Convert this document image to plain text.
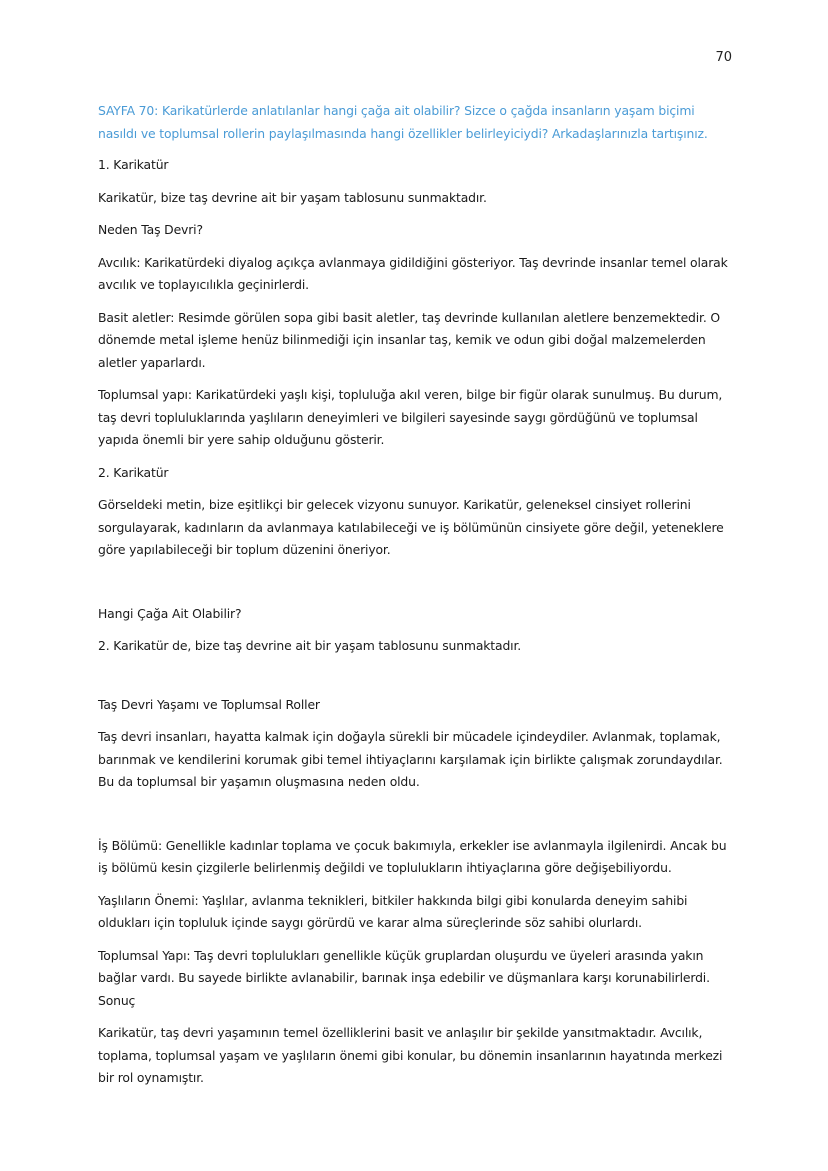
70

SAYFA 70: Karikatürlerde anlatılanlar hangi çağa ait olabilir? Sizce o çağda insanların yaşam biçimi nasıldı ve toplumsal rollerin paylaşılmasında hangi özellikler belirleyiciydi? Arkadaşlarınızla tartışınız.

1. Karikatür

Karikatür, bize taş devrine ait bir yaşam tablosunu sunmaktadır.

Neden Taş Devri?

Avcılık: Karikatürdeki diyalog açıkça avlanmaya gidildiğini gösteriyor. Taş devrinde insanlar temel olarak avcılık ve toplayıcılıkla geçinirlerdi.

Basit aletler: Resimde görülen sopa gibi basit aletler, taş devrinde kullanılan aletlere benzemektedir. O dönemde metal işleme henüz bilinmediği için insanlar taş, kemik ve odun gibi doğal malzemelerden aletler yaparlardı.

Toplumsal yapı: Karikatürdeki yaşlı kişi, topluluğa akıl veren, bilge bir figür olarak sunulmuş. Bu durum, taş devri topluluklarında yaşlıların deneyimleri ve bilgileri sayesinde saygı gördüğünü ve toplumsal yapıda önemli bir yere sahip olduğunu gösterir.

2. Karikatür

Görseldeki metin, bize eşitlikçi bir gelecek vizyonu sunuyor. Karikatür, geleneksel cinsiyet rollerini sorgulayarak, kadınların da avlanmaya katılabileceği ve iş bölümünün cinsiyete göre değil, yeteneklere göre yapılabileceği bir toplum düzenini öneriyor.

Hangi Çağa Ait Olabilir?

2. Karikatür de, bize taş devrine ait bir yaşam tablosunu sunmaktadır.

Taş Devri Yaşamı ve Toplumsal Roller

Taş devri insanları, hayatta kalmak için doğayla sürekli bir mücadele içindeydiler. Avlanmak, toplamak, barınmak ve kendilerini korumak gibi temel ihtiyaçlarını karşılamak için birlikte çalışmak zorundaydılar. Bu da toplumsal bir yaşamın oluşmasına neden oldu.

İş Bölümü: Genellikle kadınlar toplama ve çocuk bakımıyla, erkekler ise avlanmayla ilgilenirdi. Ancak bu iş bölümü kesin çizgilerle belirlenmiş değildi ve toplulukların ihtiyaçlarına göre değişebiliyordu.

Yaşlıların Önemi: Yaşlılar, avlanma teknikleri, bitkiler hakkında bilgi gibi konularda deneyim sahibi oldukları için topluluk içinde saygı görürdü ve karar alma süreçlerinde söz sahibi olurlardı.

Toplumsal Yapı: Taş devri toplulukları genellikle küçük gruplardan oluşurdu ve üyeleri arasında yakın bağlar vardı. Bu sayede birlikte avlanabilir, barınak inşa edebilir ve düşmanlara karşı korunabilirlerdi. Sonuç

Karikatür, taş devri yaşamının temel özelliklerini basit ve anlaşılır bir şekilde yansıtmaktadır. Avcılık, toplama, toplumsal yaşam ve yaşlıların önemi gibi konular, bu dönemin insanlarının hayatında merkezi bir rol oynamıştır.
